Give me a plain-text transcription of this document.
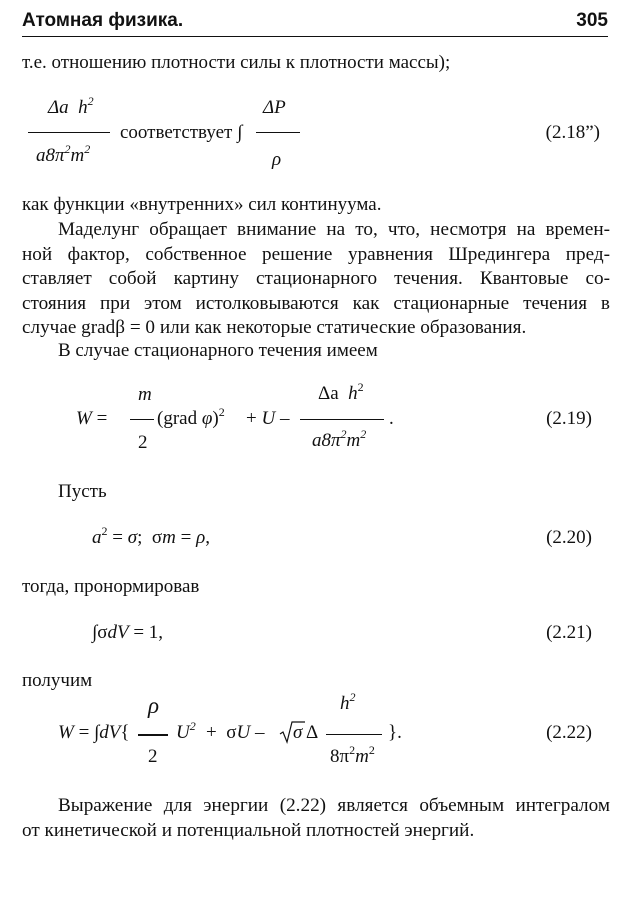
Атомная физика.	305
т.е. отношению плотности силы к плотности массы);
Δa $h^2$
$a8\pi^2m^2$
соответствует ∫
ΔP
ρ
(2.18”)
как функции «внутренних» сил континуума.
Маделунг обращает внимание на то, что, несмотря на времен-
ной фактор, собственное решение уравнения Шредингера пред-
ставляет собой картину стационарного течения. Квантовые со-
стояния при этом истолковываются как стационарные течения в
случае gradβ = 0 или как некоторые статические образования.
В случае стационарного течения имеем
W =
m
2
(grad φ)$^2$ + U –
Δa $h^2$
$a8\pi^2m^2$
.	(2.19)
Пусть
$a^2 = \sigma$;  σm = ρ,	(2.20)
тогда, пронормировав
∫σdV = 1,	(2.21)
получим
W = ∫dV{
ρ
2
$U^2 + \sigma U - \sigma$ Δ
$h^2$
$8\pi^2m^2$
}.	(2.22)
Выражение для энергии (2.22) является объемным интегралом
от кинетической и потенциальной плотностей энергий.
